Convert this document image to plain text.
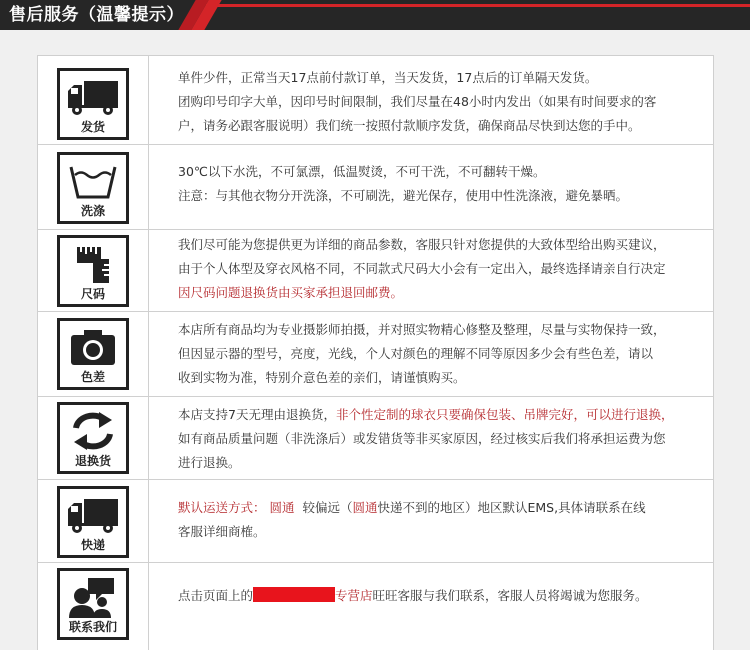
售后服务（温馨提示）
发货
单件少件，正常当天17点前付款订单，当天发货，17点后的订单隔天发货。
团购印号印字大单，因印号时间限制，我们尽量在48小时内发出（如果有时间要求的客
户，请务必跟客服说明）我们统一按照付款顺序发货，确保商品尽快到达您的手中。
洗涤
30℃以下水洗，不可氯漂，低温熨烫，不可干洗，不可翻转干燥。
注意：与其他衣物分开洗涤，不可刷洗，避光保存，使用中性洗涤液，避免暴晒。
尺码
我们尽可能为您提供更为详细的商品参数，客服只针对您提供的大致体型给出购买建议，
由于个人体型及穿衣风格不同，不同款式尺码大小会有一定出入，最终选择请亲自行决定
因尺码问题退换货由买家承担退回邮费。
色差
本店所有商品均为专业摄影师拍摄，并对照实物精心修整及整理，尽量与实物保持一致，
但因显示器的型号，亮度，光线，个人对颜色的理解不同等原因多少会有些色差，请以
收到实物为准，特别介意色差的亲们，请谨慎购买。
退换货
本店支持7天无理由退换货，非个性定制的球衣只要确保包装、吊牌完好，可以进行退换，
如有商品质量问题（非洗涤后）或发错货等非买家原因，经过核实后我们将承担运费为您
进行退换。
快递
默认运送方式： 圆通 较偏远（圆通快递不到的地区）地区默认EMS,具体请联系在线
客服详细商榷。
联系我们
点击页面上的	专营店旺旺客服与我们联系，客服人员将竭诚为您服务。
